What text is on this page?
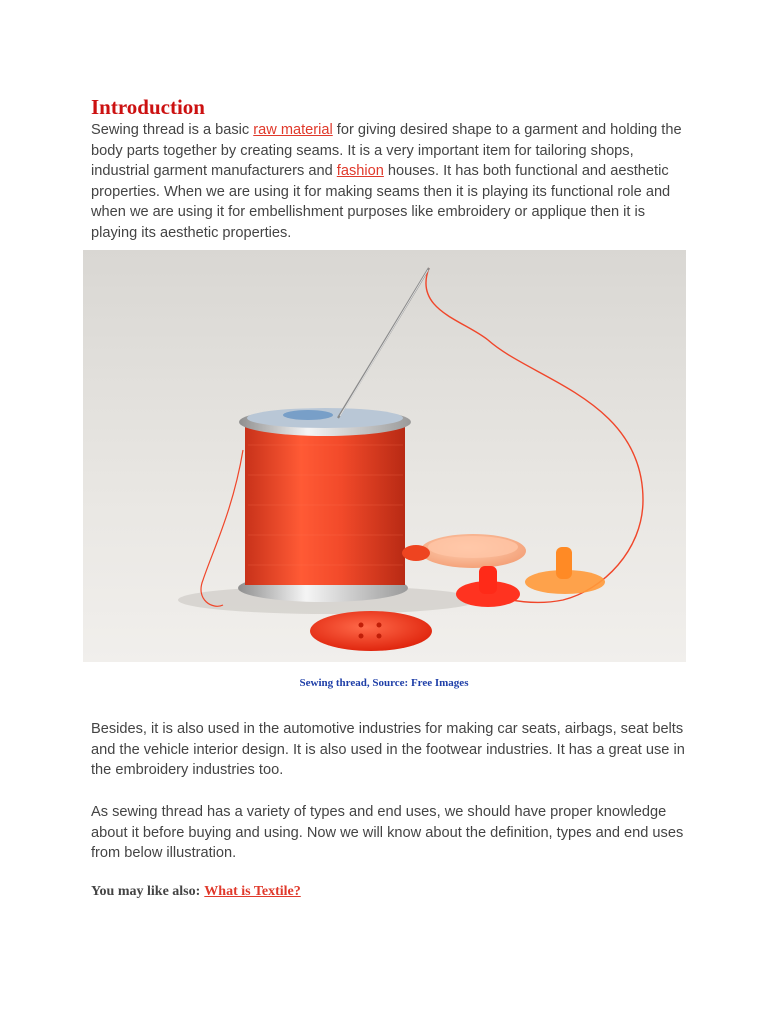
Introduction

Sewing thread is a basic raw material for giving desired shape to a garment and holding the body parts together by creating seams. It is a very important item for tailoring shops, industrial garment manufacturers and fashion houses. It has both functional and aesthetic properties. When we are using it for making seams then it is playing its functional role and when we are using it for embellishment purposes like embroidery or applique then it is playing its aesthetic properties.

Sewing thread, Source: Free Images

Besides, it is also used in the automotive industries for making car seats, airbags, seat belts and the vehicle interior design. It is also used in the footwear industries. It has a great use in the embroidery industries too.

As sewing thread has a variety of types and end uses, we should have proper knowledge about it before buying and using. Now we will know about the definition, types and end uses from below illustration.

You may like also: What is Textile?
